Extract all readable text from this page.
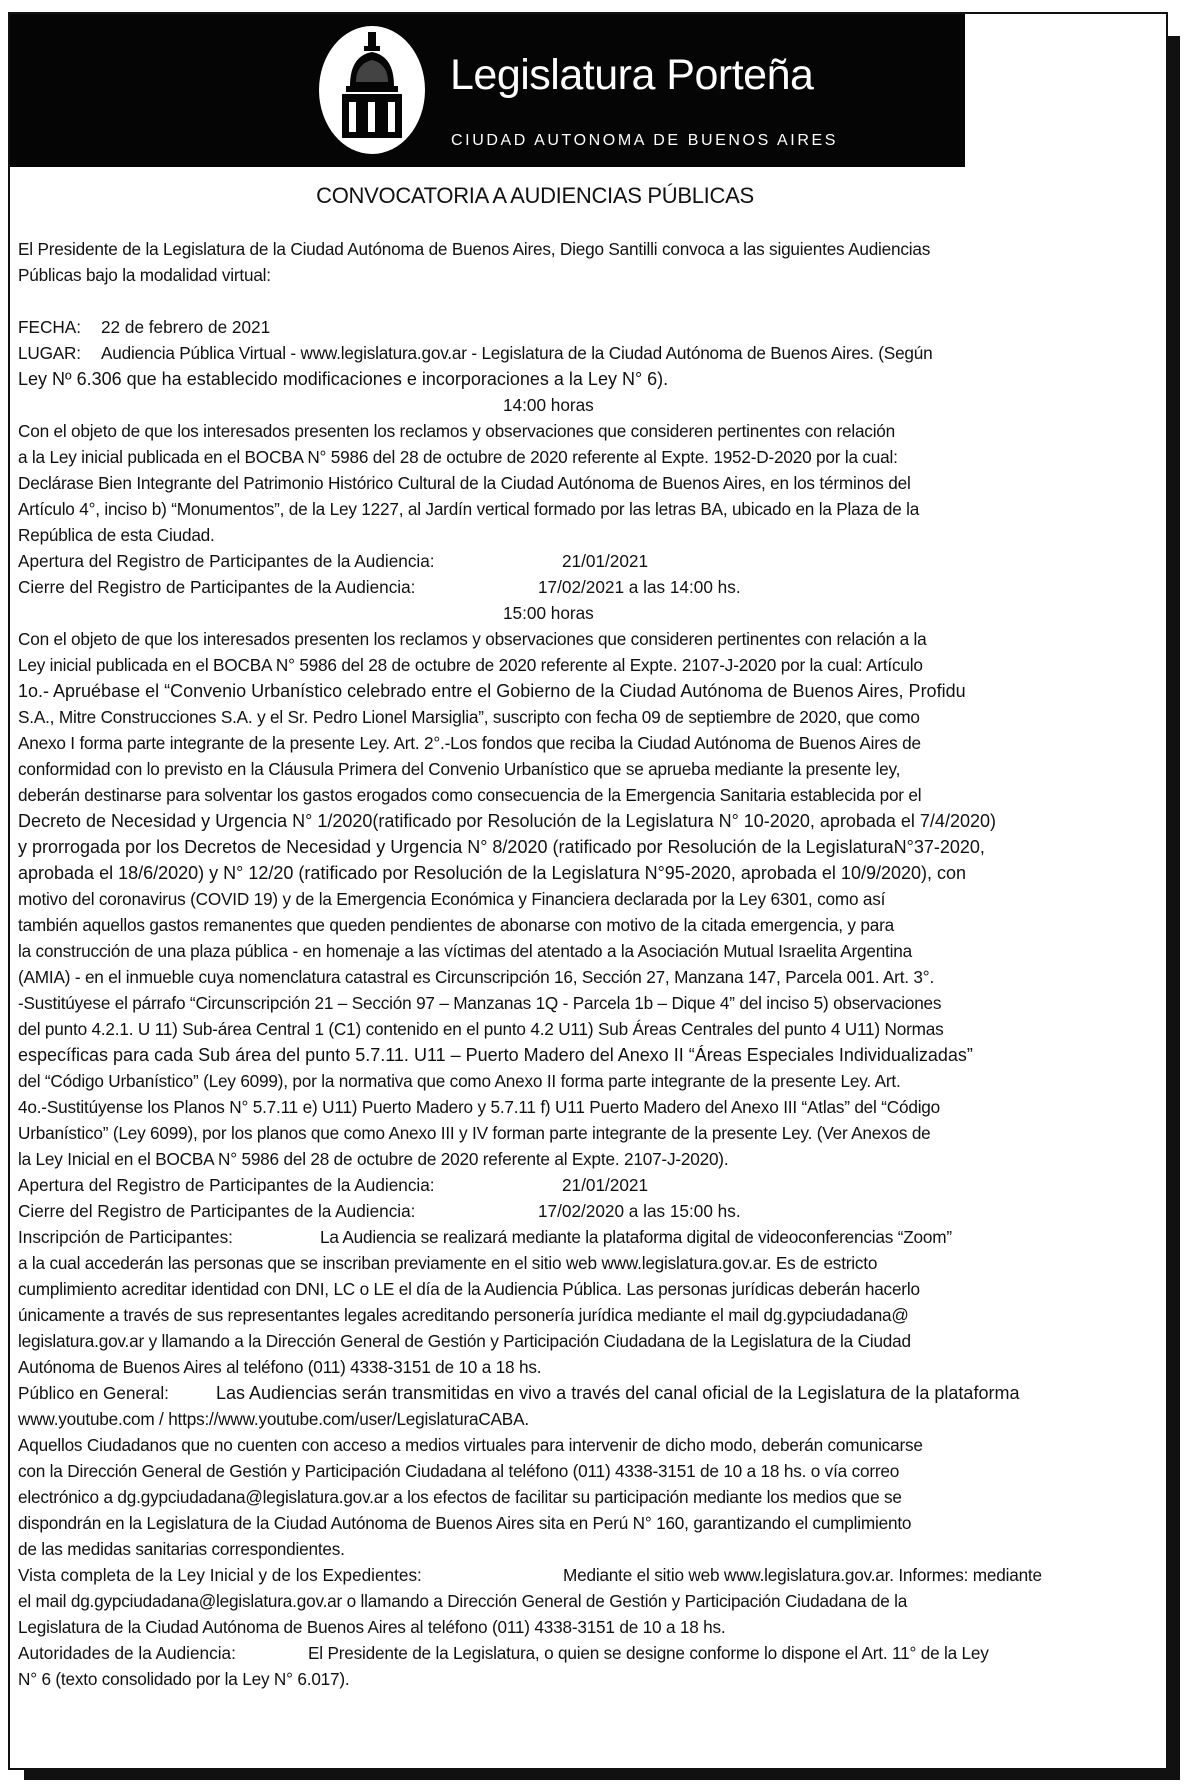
Legislatura Porteña
CIUDAD AUTONOMA DE BUENOS AIRES
CONVOCATORIA A AUDIENCIAS PÚBLICAS

El Presidente de la Legislatura de la Ciudad Autónoma de Buenos Aires, Diego Santilli convoca a las siguientes Audiencias

Públicas bajo la modalidad virtual:

FECHA: 22 de febrero de 2021

LUGAR: Audiencia Pública Virtual - www.legislatura.gov.ar - Legislatura de la Ciudad Autónoma de Buenos Aires. (Según

Ley Nº 6.306 que ha establecido modificaciones e incorporaciones a la Ley N° 6).

14:00 horas

Con el objeto de que los interesados presenten los reclamos y observaciones que consideren pertinentes con relación

a la Ley inicial publicada en el BOCBA N° 5986 del 28 de octubre de 2020 referente al Expte. 1952-D-2020 por la cual:

Declárase Bien Integrante del Patrimonio Histórico Cultural de la Ciudad Autónoma de Buenos Aires, en los términos del

Artículo 4°, inciso b) “Monumentos”, de la Ley 1227, al Jardín vertical formado por las letras BA, ubicado en la Plaza de la

República de esta Ciudad.

Apertura del Registro de Participantes de la Audiencia:	21/01/2021

Cierre del Registro de Participantes de la Audiencia:	17/02/2021 a las 14:00 hs.

15:00 horas

Con el objeto de que los interesados presenten los reclamos y observaciones que consideren pertinentes con relación a la

Ley inicial publicada en el BOCBA N° 5986 del 28 de octubre de 2020 referente al Expte. 2107-J-2020 por la cual: Artículo

1o.- Apruébase el “Convenio Urbanístico celebrado entre el Gobierno de la Ciudad Autónoma de Buenos Aires, Profidu

S.A., Mitre Construcciones S.A. y el Sr. Pedro Lionel Marsiglia”, suscripto con fecha 09 de septiembre de 2020, que como

Anexo I forma parte integrante de la presente Ley. Art. 2°.-Los fondos que reciba la Ciudad Autónoma de Buenos Aires de

conformidad con lo previsto en la Cláusula Primera del Convenio Urbanístico que se aprueba mediante la presente ley,

deberán destinarse para solventar los gastos erogados como consecuencia de la Emergencia Sanitaria establecida por el

Decreto de Necesidad y Urgencia N° 1/2020(ratificado por Resolución de la Legislatura N° 10-2020, aprobada el 7/4/2020)

y prorrogada por los Decretos de Necesidad y Urgencia N° 8/2020 (ratificado por Resolución de la LegislaturaN°37-2020,

aprobada el 18/6/2020) y N° 12/20 (ratificado por Resolución de la Legislatura N°95-2020, aprobada el 10/9/2020), con

motivo del coronavirus (COVID 19) y de la Emergencia Económica y Financiera declarada por la Ley 6301, como así

también aquellos gastos remanentes que queden pendientes de abonarse con motivo de la citada emergencia, y para

la construcción de una plaza pública - en homenaje a las víctimas del atentado a la Asociación Mutual Israelita Argentina

(AMIA) - en el inmueble cuya nomenclatura catastral es Circunscripción 16, Sección 27, Manzana 147, Parcela 001. Art. 3°.

-Sustitúyese el párrafo “Circunscripción 21 – Sección 97 – Manzanas 1Q - Parcela 1b – Dique 4” del inciso 5) observaciones

del punto 4.2.1. U 11) Sub-área Central 1 (C1) contenido en el punto 4.2 U11) Sub Áreas Centrales del punto 4 U11) Normas

específicas para cada Sub área del punto 5.7.11. U11 – Puerto Madero del Anexo II “Áreas Especiales Individualizadas”

del “Código Urbanístico” (Ley 6099), por la normativa que como Anexo II forma parte integrante de la presente Ley. Art.

4o.-Sustitúyense los Planos N° 5.7.11 e) U11) Puerto Madero y 5.7.11 f) U11 Puerto Madero del Anexo III “Atlas” del “Código

Urbanístico” (Ley 6099), por los planos que como Anexo III y IV forman parte integrante de la presente Ley. (Ver Anexos de

la Ley Inicial en el BOCBA N° 5986 del 28 de octubre de 2020 referente al Expte. 2107-J-2020).

Apertura del Registro de Participantes de la Audiencia:	21/01/2021

Cierre del Registro de Participantes de la Audiencia:	17/02/2020 a las 15:00 hs.

Inscripción de Participantes:	La Audiencia se realizará mediante la plataforma digital de videoconferencias “Zoom”

a la cual accederán las personas que se inscriban previamente en el sitio web www.legislatura.gov.ar. Es de estricto

cumplimiento acreditar identidad con DNI, LC o LE el día de la Audiencia Pública. Las personas jurídicas deberán hacerlo

únicamente a través de sus representantes legales acreditando personería jurídica mediante el mail dg.gypciudadana@

legislatura.gov.ar y llamando a la Dirección General de Gestión y Participación Ciudadana de la Legislatura de la Ciudad

Autónoma de Buenos Aires al teléfono (011) 4338-3151 de 10 a 18 hs.

Público en General:	Las Audiencias serán transmitidas en vivo a través del canal oficial de la Legislatura de la plataforma

www.youtube.com / https://www.youtube.com/user/LegislaturaCABA.

Aquellos Ciudadanos que no cuenten con acceso a medios virtuales para intervenir de dicho modo, deberán comunicarse

con la Dirección General de Gestión y Participación Ciudadana al teléfono (011) 4338-3151 de 10 a 18 hs. o vía correo

electrónico a dg.gypciudadana@legislatura.gov.ar a los efectos de facilitar su participación mediante los medios que se

dispondrán en la Legislatura de la Ciudad Autónoma de Buenos Aires sita en Perú N° 160, garantizando el cumplimiento

de las medidas sanitarias correspondientes.

Vista completa de la Ley Inicial y de los Expedientes:	Mediante el sitio web www.legislatura.gov.ar. Informes: mediante

el mail dg.gypciudadana@legislatura.gov.ar o llamando a Dirección General de Gestión y Participación Ciudadana de la

Legislatura de la Ciudad Autónoma de Buenos Aires al teléfono (011) 4338-3151 de 10 a 18 hs.

Autoridades de la Audiencia:	El Presidente de la Legislatura, o quien se designe conforme lo dispone el Art. 11° de la Ley

N° 6 (texto consolidado por la Ley N° 6.017).
